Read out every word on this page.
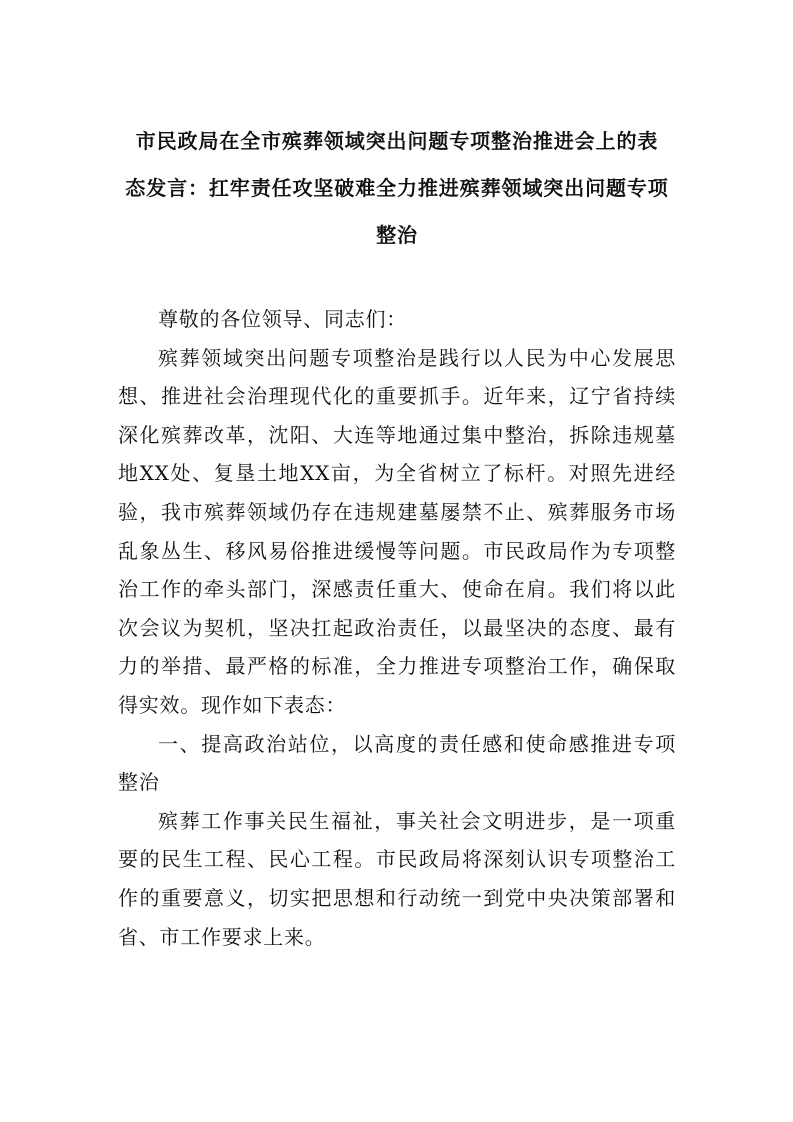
市民政局在全市殡葬领域突出问题专项整治推进会上的表
态发言：扛牢责任攻坚破难全力推进殡葬领域突出问题专项
整治

尊敬的各位领导、同志们：

殡葬领域突出问题专项整治是践行以人民为中心发展思想、推进社会治理现代化的重要抓手。近年来，辽宁省持续深化殡葬改革，沈阳、大连等地通过集中整治，拆除违规墓地XX处、复垦土地XX亩，为全省树立了标杆。对照先进经验，我市殡葬领域仍存在违规建墓屡禁不止、殡葬服务市场乱象丛生、移风易俗推进缓慢等问题。市民政局作为专项整治工作的牵头部门，深感责任重大、使命在肩。我们将以此次会议为契机，坚决扛起政治责任，以最坚决的态度、最有力的举措、最严格的标准，全力推进专项整治工作，确保取得实效。现作如下表态：

一、提高政治站位，以高度的责任感和使命感推进专项整治

殡葬工作事关民生福祉，事关社会文明进步，是一项重要的民生工程、民心工程。市民政局将深刻认识专项整治工作的重要意义，切实把思想和行动统一到党中央决策部署和省、市工作要求上来。
